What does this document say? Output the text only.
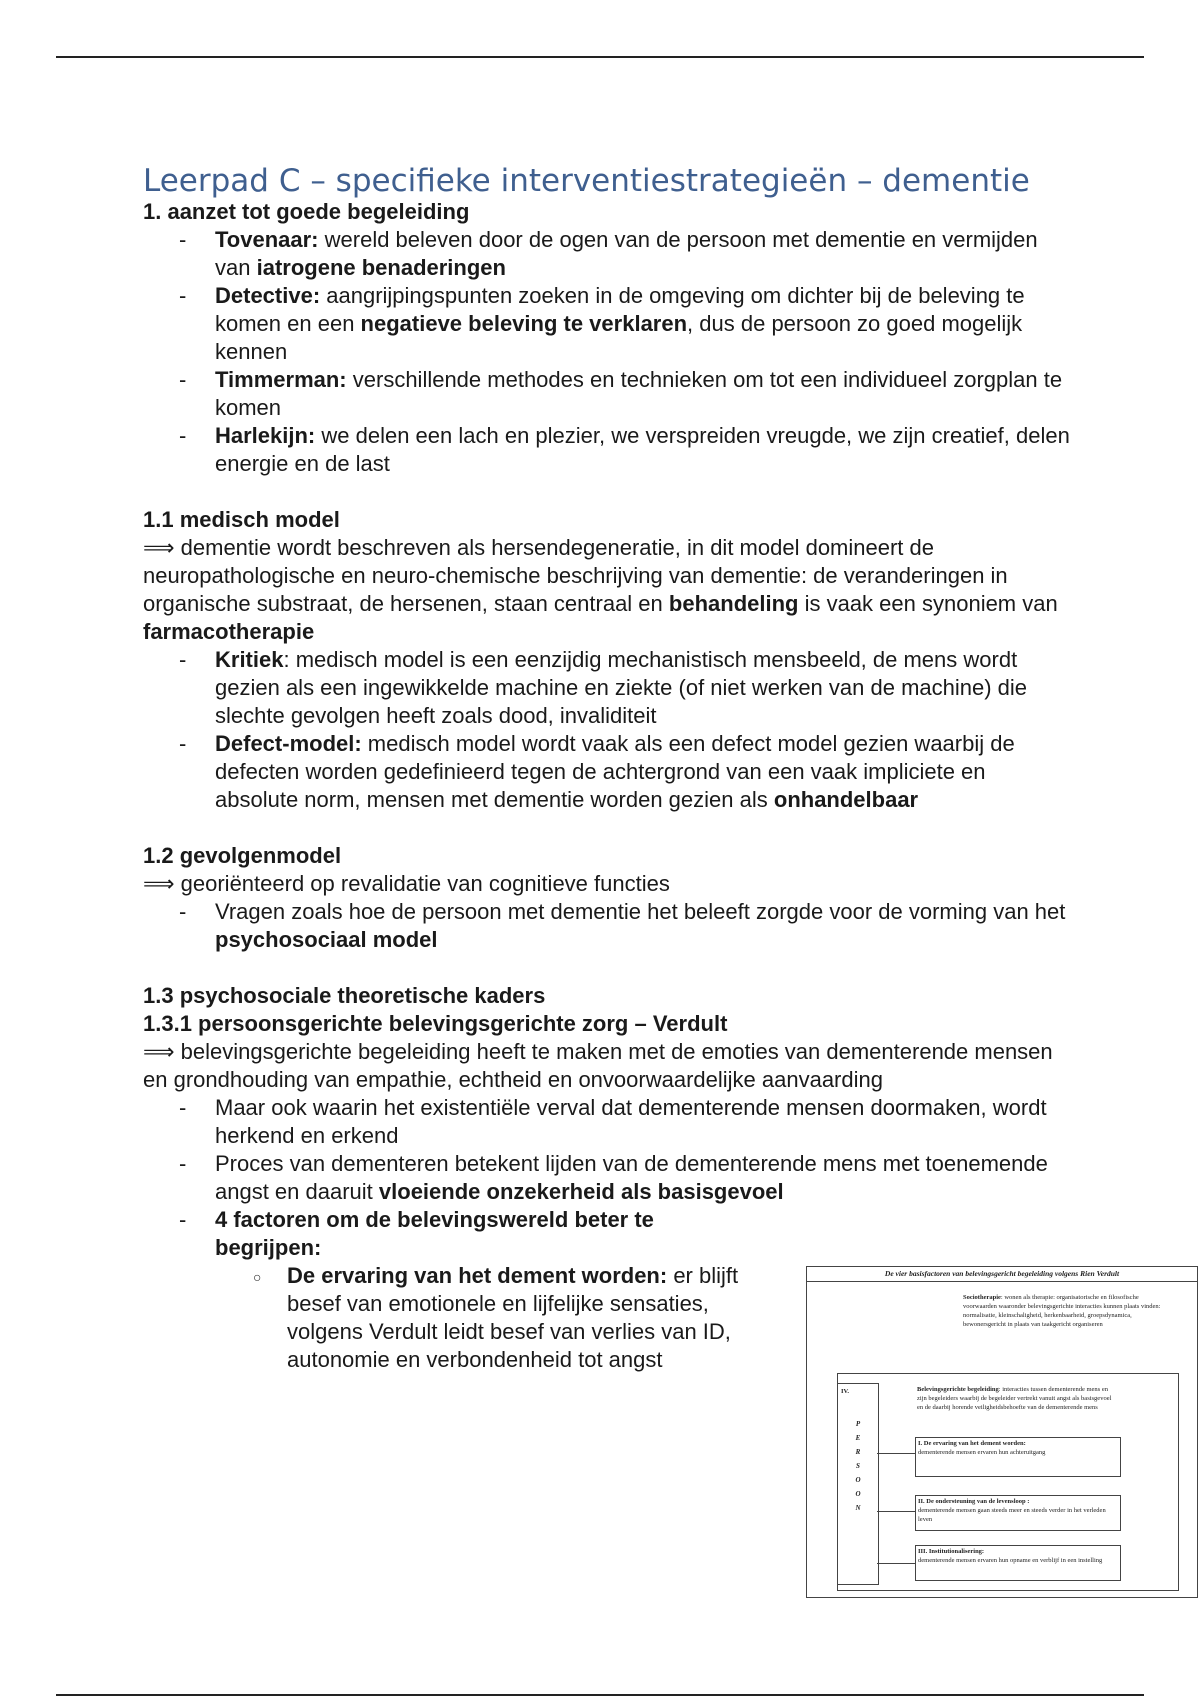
Leerpad C – specifieke interventiestrategieën – dementie
1. aanzet tot goede begeleiding
- Tovenaar: wereld beleven door de ogen van de persoon met dementie en vermijden van iatrogene benaderingen
- Detective: aangrijpingspunten zoeken in de omgeving om dichter bij de beleving te komen en een negatieve beleving te verklaren, dus de persoon zo goed mogelijk kennen
- Timmerman: verschillende methodes en technieken om tot een individueel zorgplan te komen
- Harlekijn: we delen een lach en plezier, we verspreiden vreugde, we zijn creatief, delen energie en de last
1.1 medisch model

⟹ dementie wordt beschreven als hersendegeneratie, in dit model domineert de neuropathologische en neuro-chemische beschrijving van dementie: de veranderingen in organische substraat, de hersenen, staan centraal en behandeling is vaak een synoniem van farmacotherapie

- Kritiek: medisch model is een eenzijdig mechanistisch mensbeeld, de mens wordt gezien als een ingewikkelde machine en ziekte (of niet werken van de machine) die slechte gevolgen heeft zoals dood, invaliditeit
- Defect-model: medisch model wordt vaak als een defect model gezien waarbij de defecten worden gedefinieerd tegen de achtergrond van een vaak impliciete en absolute norm, mensen met dementie worden gezien als onhandelbaar
1.2 gevolgenmodel

⟹ georiënteerd op revalidatie van cognitieve functies

- Vragen zoals hoe de persoon met dementie het beleeft zorgde voor de vorming van het psychosociaal model
1.3 psychosociale theoretische kaders
1.3.1 persoonsgerichte belevingsgerichte zorg – Verdult

⟹ belevingsgerichte begeleiding heeft te maken met de emoties van dementerende mensen en grondhouding van empathie, echtheid en onvoorwaardelijke aanvaarding

- Maar ook waarin het existentiële verval dat dementerende mensen doormaken, wordt herkend en erkend
- Proces van dementeren betekent lijden van de dementerende mens met toenemende angst en daaruit vloeiende onzekerheid als basisgevoel
- 4 factoren om de belevingswereld beter te begrijpen:
○ De ervaring van het dement worden: er blijft besef van emotionele en lijfelijke sensaties, volgens Verdult leidt besef van verlies van ID, autonomie en verbondenheid tot angst
De vier basisfactoren van belevingsgericht begeleiding volgens Rien Verdult
Sociotherapie: wonen als therapie: organisatorische en filosofische voorwaarden waaronder belevingsgerichte interacties kunnen plaats vinden: normalisatie, kleinschaligheid, herkenbaarheid, groepsdynamica, bewonersgericht in plaats van taakgericht organiseren
IV.
P E R S O O N
Belevingsgerichte begeleiding: interacties tussen dementerende mens en zijn begeleiders waarbij de begeleider vertrekt vanuit angst als basisgevoel en de daarbij horende veiligheidsbehoefte van de dementerende mens
I. De ervaring van het dement worden:
dementerende mensen ervaren hun achteruitgang
II. De ondersteuning van de levensloop :
dementerende mensen gaan steeds meer en steeds verder in het verleden leven
III. Institutionalisering:
dementerende mensen ervaren hun opname en verblijf in een instelling
